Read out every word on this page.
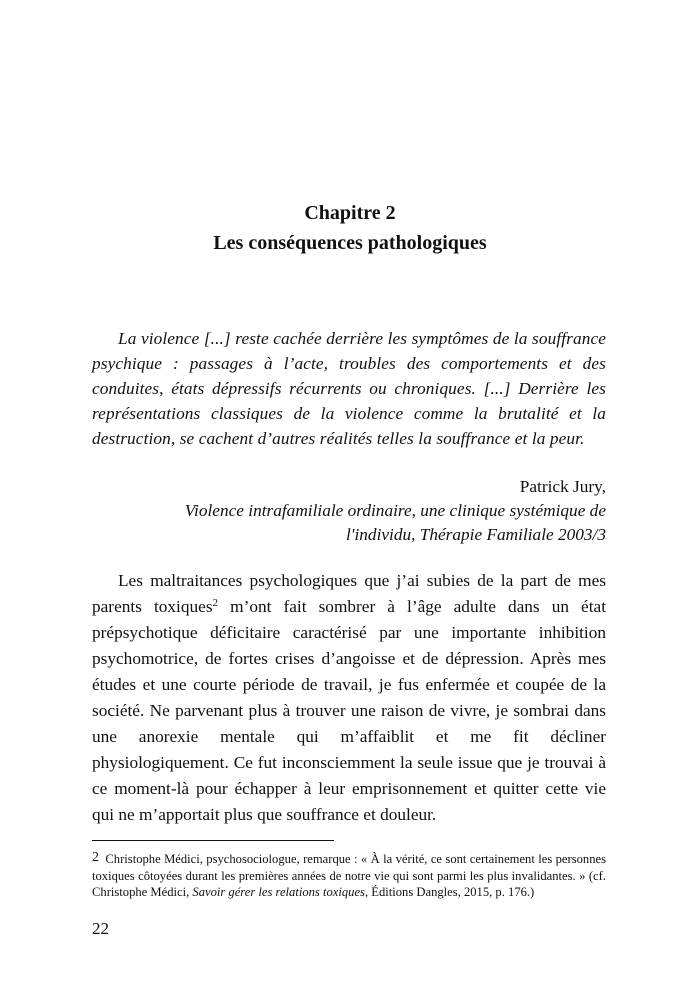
Chapitre 2
Les conséquences pathologiques

La violence [...] reste cachée derrière les symptômes de la souffrance psychique : passages à l’acte, troubles des comportements et des conduites, états dépressifs récurrents ou chroniques. [...] Derrière les représentations classiques de la violence comme la brutalité et la destruction, se cachent d’autres réalités telles la souffrance et la peur.

Patrick Jury,
Violence intrafamiliale ordinaire, une clinique systémique de
l'individu, Thérapie Familiale 2003/3

Les maltraitances psychologiques que j’ai subies de la part de mes parents toxiques$^2$ m’ont fait sombrer à l’âge adulte dans un état prépsychotique déficitaire caractérisé par une importante inhibition psychomotrice, de fortes crises d’angoisse et de dépression. Après mes études et une courte période de travail, je fus enfermée et coupée de la société. Ne parvenant plus à trouver une raison de vivre, je sombrai dans une anorexie mentale qui m’affaiblit et me fit décliner physiologiquement. Ce fut inconsciemment la seule issue que je trouvai à ce moment-là pour échapper à leur emprisonnement et quitter cette vie qui ne m’apportait plus que souffrance et douleur.

2 Christophe Médici, psychosociologue, remarque : « À la vérité, ce sont certainement les personnes toxiques côtoyées durant les premières années de notre vie qui sont parmi les plus invalidantes. » (cf. Christophe Médici, Savoir gérer les relations toxiques, Éditions Dangles, 2015, p. 176.)

22
